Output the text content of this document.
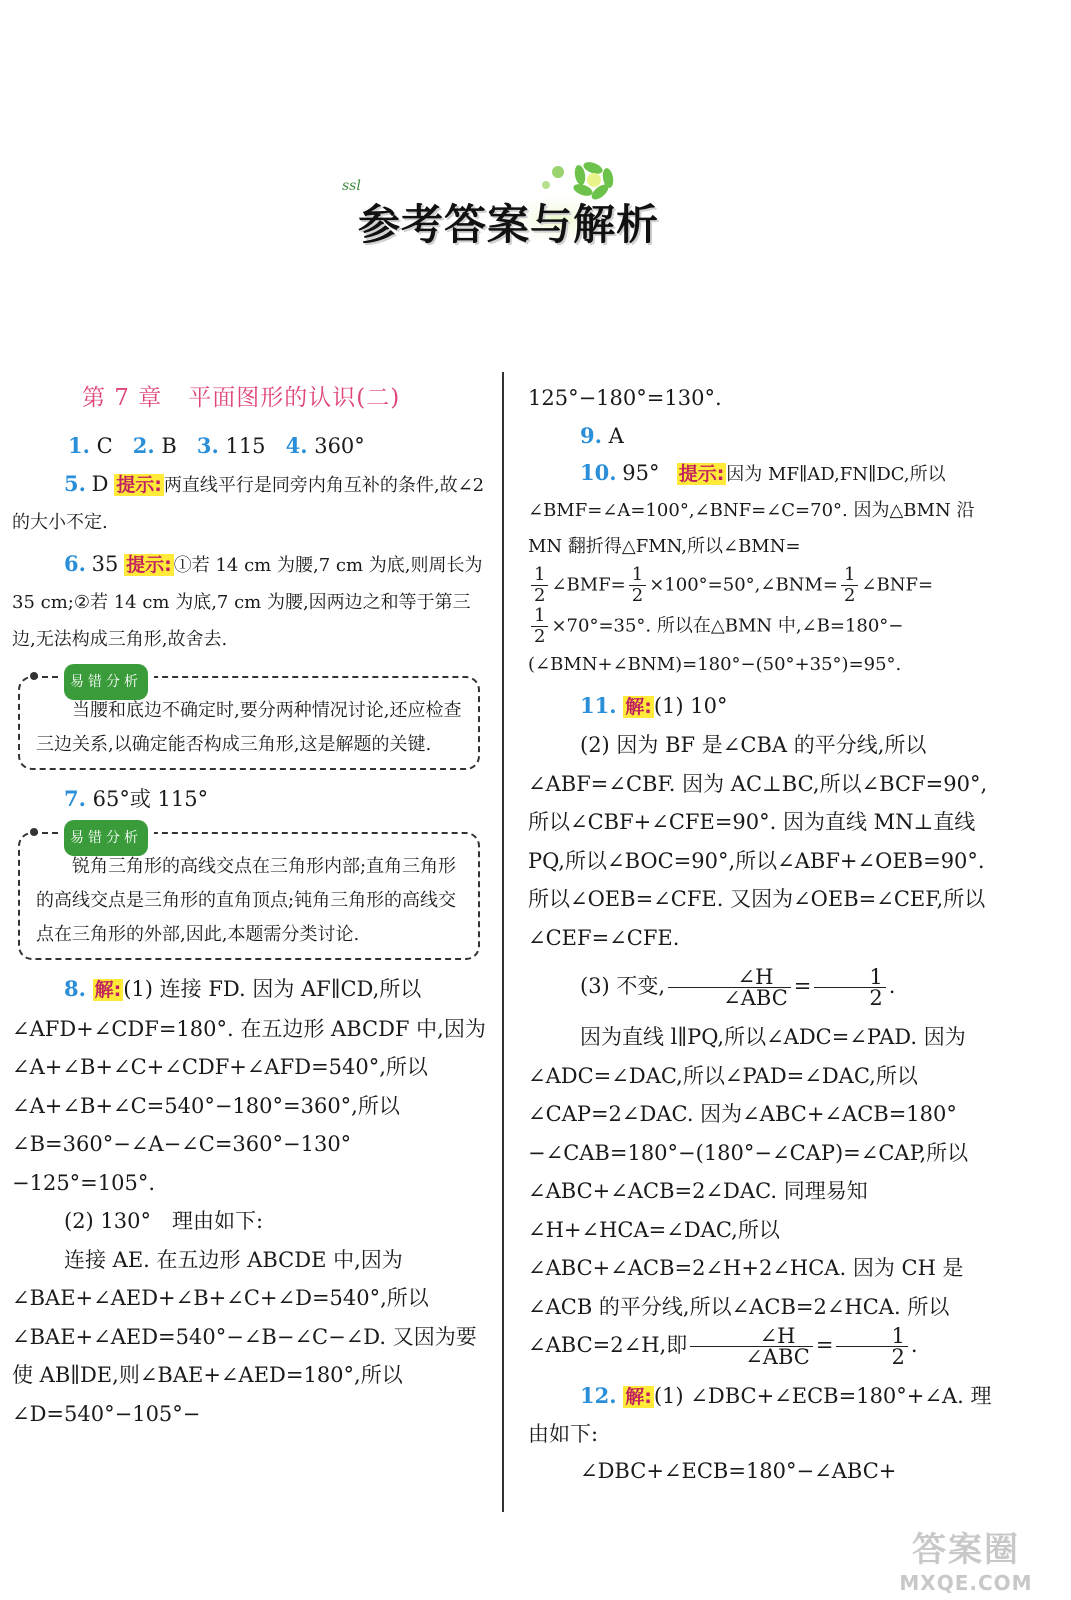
ssl
参考答案与解析
第 7 章 平面图形的认识(二)

1. C 2. B 3. 115 4. 360°

5. D 提示: 两直线平行是同旁内角互补的条件,故∠2的大小不定.

6. 35 提示: ①若 14 cm 为腰,7 cm 为底,则周长为 35 cm;②若 14 cm 为底,7 cm 为腰,因两边之和等于第三边,无法构成三角形,故舍去.

易错分析

当腰和底边不确定时,要分两种情况讨论,还应检查三边关系,以确定能否构成三角形,这是解题的关键.

7. 65°或 115°

易错分析

锐角三角形的高线交点在三角形内部;直角三角形的高线交点是三角形的直角顶点;钝角三角形的高线交点在三角形的外部,因此,本题需分类讨论.

8. 解:(1) 连接 FD. 因为 AF∥CD,所以∠AFD+∠CDF=180°. 在五边形 ABCDF 中,因为∠A+∠B+∠C+∠CDF+∠AFD=540°,所以∠A+∠B+∠C=540°−180°=360°,所以∠B=360°−∠A−∠C=360°−130°−125°=105°.

(2) 130°　理由如下:

连接 AE. 在五边形 ABCDE 中,因为∠BAE+∠AED+∠B+∠C+∠D=540°,所以∠BAE+∠AED=540°−∠B−∠C−∠D. 又因为要使 AB∥DE,则∠BAE+∠AED=180°,所以∠D=540°−105°−

125°−180°=130°.

9. A

10. 95° 提示: 因为 MF∥AD,FN∥DC,所以∠BMF=∠A=100°,∠BNF=∠C=70°. 因为△BMN 沿 MN 翻折得△FMN,所以∠BMN=

$\frac{1}{2}$ ∠BMF= $\frac{1}{2}$ ×100°=50°,∠BNM= $\frac{1}{2}$ ∠BNF=

$\frac{1}{2} \times 70^\circ=35^\circ$. 所以在△BMN 中,∠B=180°−

(∠BMN+∠BNM)=180°−(50°+35°)=95°.

11. 解:(1) 10°

(2) 因为 BF 是∠CBA 的平分线,所以∠ABF=∠CBF. 因为 AC⊥BC,所以∠BCF=90°,所以∠CBF+∠CFE=90°. 因为直线 MN⊥直线 PQ,所以∠BOC=90°,所以∠ABF+∠OEB=90°. 所以∠OEB=∠CFE. 又因为∠OEB=∠CEF,所以∠CEF=∠CFE.

(3) 不变, $\frac{\angle H}{\text{∠ABC}} = \frac{1}{2}$ .

因为直线 l∥PQ,所以∠ADC=∠PAD. 因为∠ADC=∠DAC,所以∠PAD=∠DAC,所以∠CAP=2∠DAC. 因为∠ABC+∠ACB=180°−∠CAB=180°−(180°−∠CAP)=∠CAP,所以∠ABC+∠ACB=2∠DAC. 同理易知∠H+∠HCA=∠DAC,所以∠ABC+∠ACB=2∠H+2∠HCA. 因为 CH 是∠ACB 的平分线,所以∠ACB=2∠HCA. 所以∠ABC=2∠H,即 $\frac{\angle H}{\text{∠ABC}} = \frac{1}{2}$ .

12. 解:(1) ∠DBC+∠ECB=180°+∠A. 理由如下:

∠DBC+∠ECB=180°−∠ABC+

答案圈
MXQE.COM
